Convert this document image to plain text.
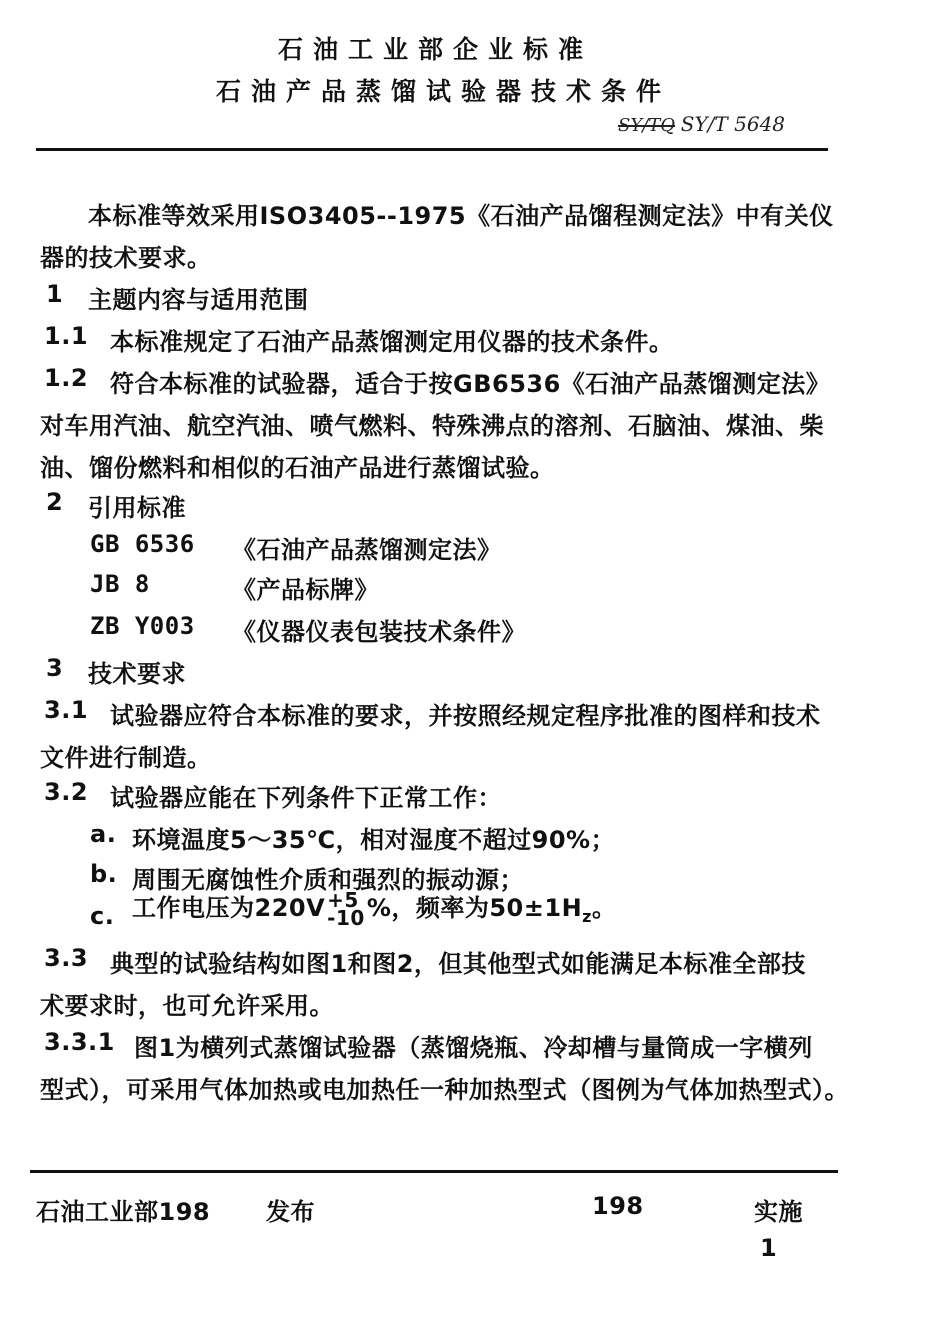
石油工业部企业标准
石油产品蒸馏试验器技术条件
SY/TQ SY/T 5648
本标准等效采用ISO3405--1975《石油产品馏程测定法》中有关仪
器的技术要求。
1 主题内容与适用范围
1.1 本标准规定了石油产品蒸馏测定用仪器的技术条件。
1.2 符合本标准的试验器，适合于按GB6536《石油产品蒸馏测定法》
对车用汽油、航空汽油、喷气燃料、特殊沸点的溶剂、石脑油、煤油、柴
油、馏份燃料和相似的石油产品进行蒸馏试验。
2 引用标准
GB 6536 《石油产品蒸馏测定法》
JB 8	《产品标牌》
ZB Y003 《仪器仪表包装技术条件》
3 技术要求
3.1 试验器应符合本标准的要求，并按照经规定程序批准的图样和技术
文件进行制造。
3.2 试验器应能在下列条件下正常工作：
a. 环境温度5～35℃，相对湿度不超过90%；
b. 周围无腐蚀性介质和强烈的振动源；
c. 工作电压为220V +5
-10 %，频率为$50\pm 1H_z$。
3.3 典型的试验结构如图1和图2，但其他型式如能满足本标准全部技
术要求时，也可允许采用。
3.3.1 图1为横列式蒸馏试验器（蒸馏烧瓶、冷却槽与量筒成一字横列
型式），可采用气体加热或电加热任一种加热型式（图例为气体加热型式）。
石油工业部198 发布	198	实施
1
